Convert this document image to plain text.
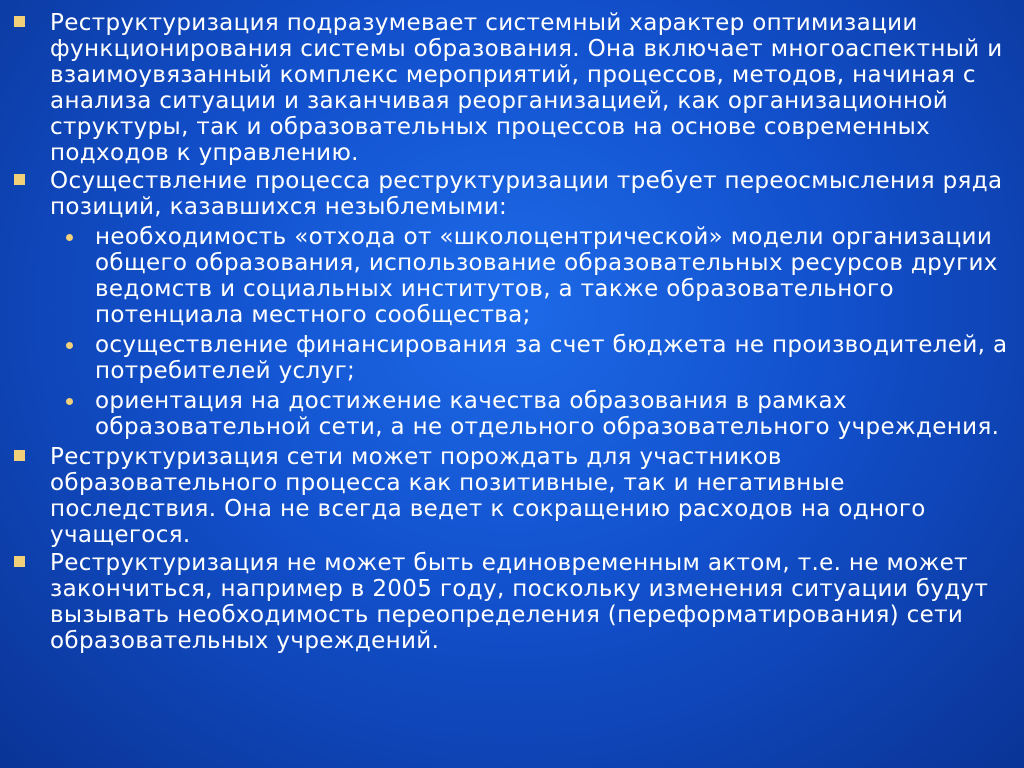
Реструктуризация подразумевает системный характер оптимизации функционирования системы образования. Она включает многоаспектный и взаимоувязанный комплекс мероприятий, процессов, методов, начиная с анализа ситуации и заканчивая реорганизацией, как организационной структуры, так и образовательных процессов на основе современных подходов к управлению.
Осуществление процесса реструктуризации требует переосмысления ряда позиций, казавшихся незыблемыми:
необходимость «отхода от «школоцентрической» модели организации общего образования, использование образовательных ресурсов других ведомств и социальных институтов, а также образовательного потенциала местного сообщества;
осуществление финансирования за счет бюджета не производителей, а потребителей услуг;
ориентация на достижение качества образования в рамках образовательной сети, а не отдельного образовательного учреждения.
Реструктуризация сети может порождать для участников образовательного процесса как позитивные, так и негативные последствия. Она не всегда ведет к сокращению расходов на одного учащегося.
Реструктуризация не может быть единовременным актом, т.е. не может закончиться, например в 2005 году, поскольку изменения ситуации будут вызывать необходимость переопределения (переформатирования) сети образовательных учреждений.
